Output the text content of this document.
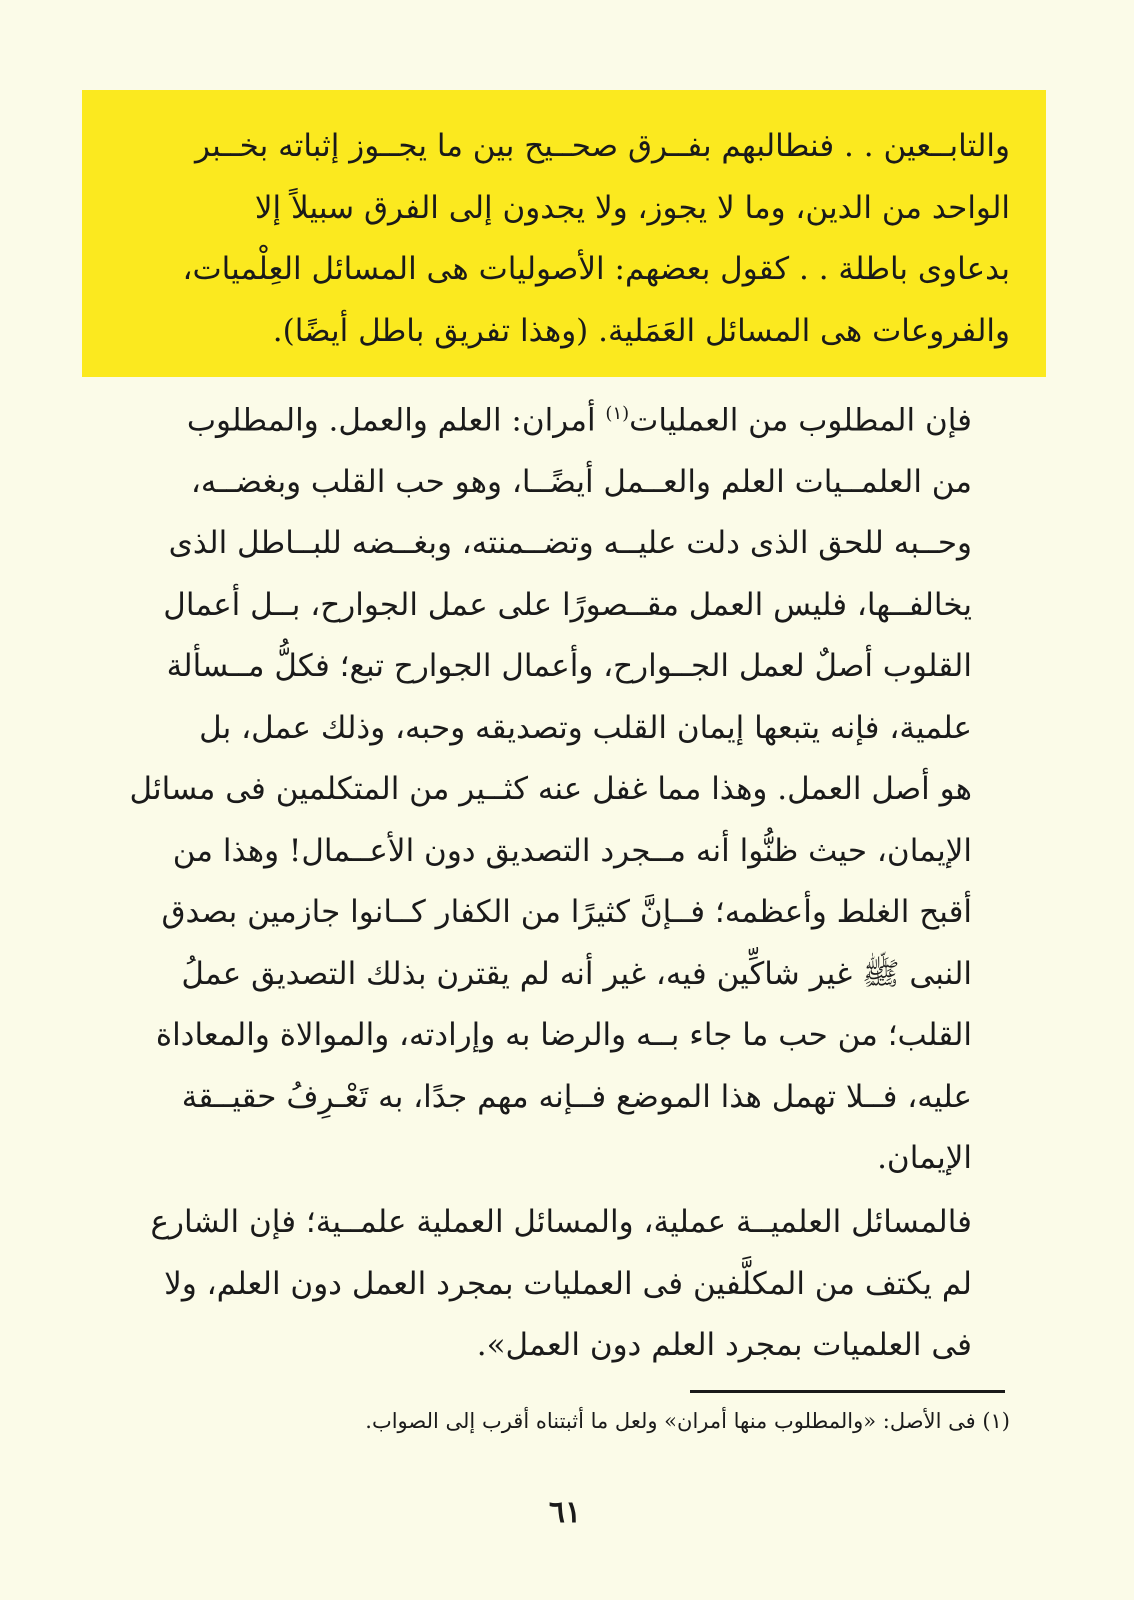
والتابــعين . . فنطالبهم بفــرق صحــيح بين ما يجــوز إثباته بخــبر
الواحد من الدين، وما لا يجوز، ولا يجدون إلى الفرق سبيلاً إلا
بدعاوى باطلة . . كقول بعضهم: الأصوليات هى المسائل العِلْميات،
والفروعات هى المسائل العَمَلية. (وهذا تفريق باطل أيضًا).
فإن المطلوب من العمليات$^{(١)}$ أمران: العلم والعمل. والمطلوب
من العلمــيات العلم والعــمل أيضًــا، وهو حب القلب وبغضــه،
وحــبه للحق الذى دلت عليــه وتضــمنته، وبغــضه للبــاطل الذى
يخالفــها، فليس العمل مقــصورًا على عمل الجوارح، بــل أعمال
القلوب أصلٌ لعمل الجــوارح، وأعمال الجوارح تبع؛ فكلُّ مــسألة
علمية، فإنه يتبعها إيمان القلب وتصديقه وحبه، وذلك عمل، بل
هو أصل العمل. وهذا مما غفل عنه كثــير من المتكلمين فى مسائل
الإيمان، حيث ظنُّوا أنه مــجرد التصديق دون الأعــمال! وهذا من
أقبح الغلط وأعظمه؛ فــإنَّ كثيرًا من الكفار كــانوا جازمين بصدق
النبى ﷺ غير شاكِّين فيه، غير أنه لم يقترن بذلك التصديق عملُ
القلب؛ من حب ما جاء بــه والرضا به وإرادته، والموالاة والمعاداة
عليه، فــلا تهمل هذا الموضع فــإنه مهم جدًا، به تَعْـرِفُ حقيــقة
الإيمان.
فالمسائل العلميــة عملية، والمسائل العملية علمــية؛ فإن الشارع
لم يكتف من المكلَّفين فى العمليات بمجرد العمل دون العلم، ولا
فى العلميات بمجرد العلم دون العمل».
(١) فى الأصل: «والمطلوب منها أمران» ولعل ما أثبتناه أقرب إلى الصواب.
٦١
